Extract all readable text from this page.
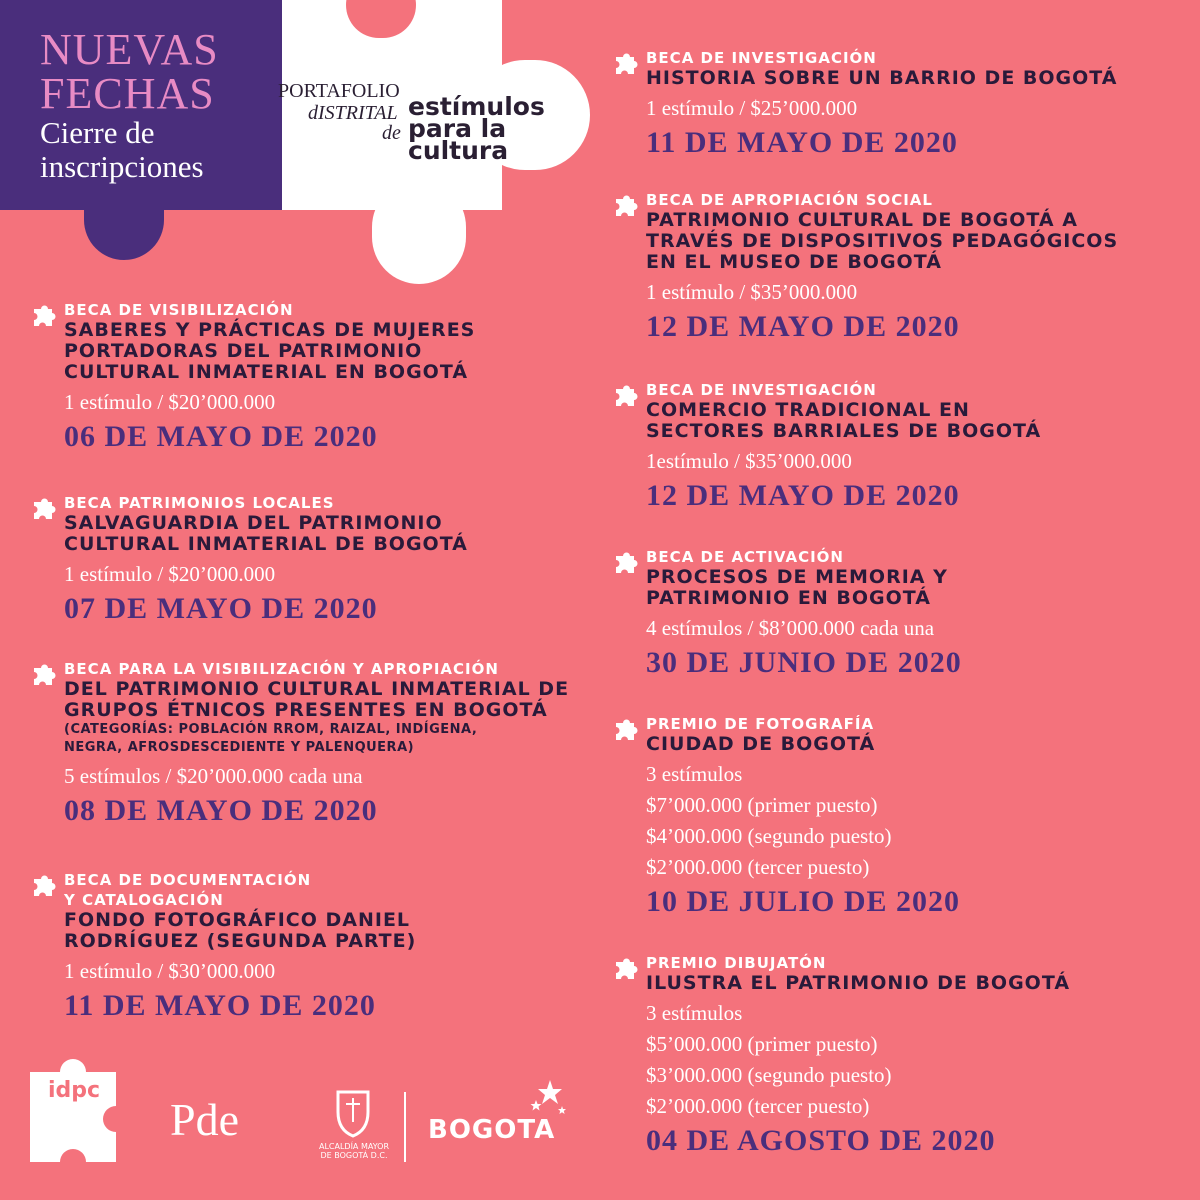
NUEVAS
FECHAS
Cierre de
inscripciones
PORTAFOLIO
dISTRITAL
de
estímulos
para la
cultura
BECA DE VISIBILIZACIÓN
SABERES Y PRÁCTICAS DE MUJERES
PORTADORAS DEL PATRIMONIO
CULTURAL INMATERIAL EN BOGOTÁ
1 estímulo / $20’000.000
06 DE MAYO DE 2020
BECA PATRIMONIOS LOCALES
SALVAGUARDIA DEL PATRIMONIO
CULTURAL INMATERIAL DE BOGOTÁ
1 estímulo / $20’000.000
07 DE MAYO DE 2020
BECA PARA LA VISIBILIZACIÓN Y APROPIACIÓN
DEL PATRIMONIO CULTURAL INMATERIAL DE
GRUPOS ÉTNICOS PRESENTES EN BOGOTÁ
(CATEGORÍAS: POBLACIÓN RROM, RAIZAL, INDÍGENA,
NEGRA, AFROSDESCEDIENTE Y PALENQUERA)
5 estímulos / $20’000.000 cada una
08 DE MAYO DE 2020
BECA DE DOCUMENTACIÓN
Y CATALOGACIÓN
FONDO FOTOGRÁFICO DANIEL
RODRÍGUEZ (SEGUNDA PARTE)
1 estímulo / $30’000.000
11 DE MAYO DE 2020
BECA DE INVESTIGACIÓN
HISTORIA SOBRE UN BARRIO DE BOGOTÁ
1 estímulo / $25’000.000
11 DE MAYO DE 2020
BECA DE APROPIACIÓN SOCIAL
PATRIMONIO CULTURAL DE BOGOTÁ A
TRAVÉS DE DISPOSITIVOS PEDAGÓGICOS
EN EL MUSEO DE BOGOTÁ
1 estímulo / $35’000.000
12 DE MAYO DE 2020
BECA DE INVESTIGACIÓN
COMERCIO TRADICIONAL EN
SECTORES BARRIALES DE BOGOTÁ
1estímulo / $35’000.000
12 DE MAYO DE 2020
BECA DE ACTIVACIÓN
PROCESOS DE MEMORIA Y
PATRIMONIO EN BOGOTÁ
4 estímulos / $8’000.000 cada una
30 DE JUNIO DE 2020
PREMIO DE FOTOGRAFÍA
CIUDAD DE BOGOTÁ
3 estímulos
$7’000.000 (primer puesto)
$4’000.000 (segundo puesto)
$2’000.000 (tercer puesto)
10 DE JULIO DE 2020
PREMIO DIBUJATÓN
ILUSTRA EL PATRIMONIO DE BOGOTÁ
3 estímulos
$5’000.000 (primer puesto)
$3’000.000 (segundo puesto)
$2’000.000 (tercer puesto)
04 DE AGOSTO DE 2020
idpc
Pde
ALCALDÍA MAYOR
DE BOGOTÁ D.C.
BOGOTA
